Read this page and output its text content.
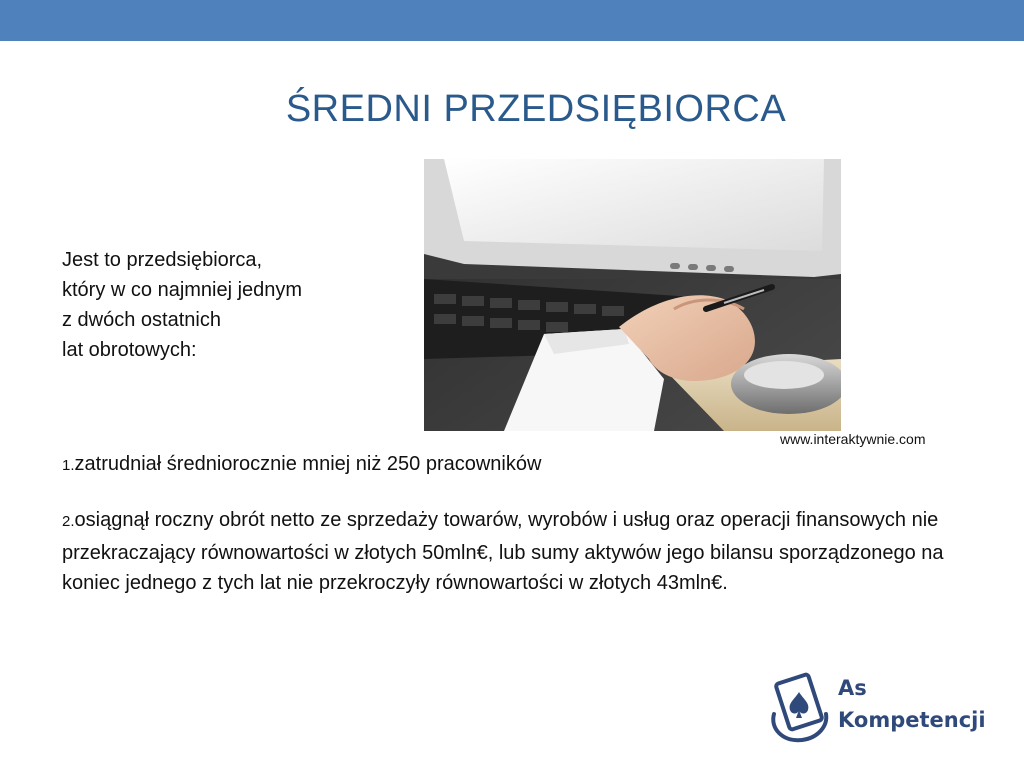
ŚREDNI PRZEDSIĘBIORCA

Jest to przedsiębiorca,
który w co najmniej jednym
z dwóch ostatnich
lat obrotowych:

www.interaktywnie.com

1.zatrudniał średniorocznie mniej niż 250 pracowników

2.osiągnął roczny obrót netto ze sprzedaży towarów, wyrobów i usług oraz operacji finansowych nie przekraczający równowartości w złotych 50mln€, lub sumy aktywów jego bilansu sporządzonego na koniec jednego z tych lat nie przekroczyły równowartości w złotych 43mln€.

As
Kompetencji
